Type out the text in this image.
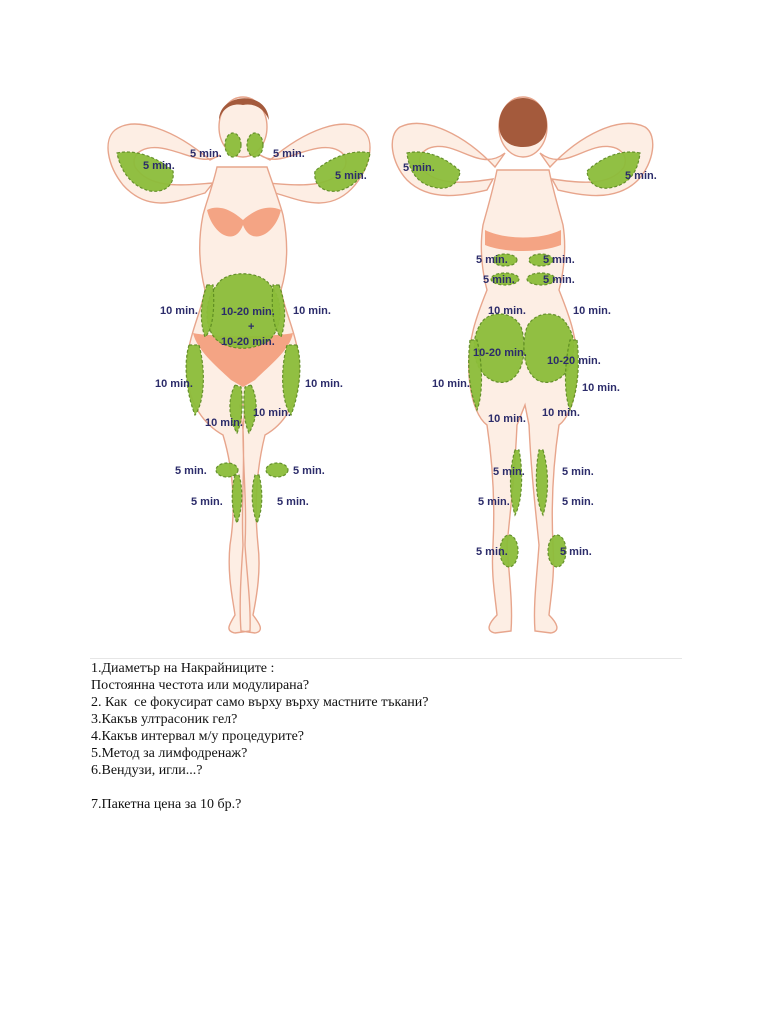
5 min.	5 min.
5 min.
5 min.
10 min.	10 min.
10-20 min.
+
10-20 min.
10 min.	10 min.
10 min.
10 min.
5 min.	5 min.
5 min.	5 min.
5 min.
5 min.
5 min.	5 min.
5 min.	5 min.
10 min.	10 min.
10-20 min.
10-20 min.
10 min.	10 min.
10 min. 10 min.
5 min.	5 min.
5 min.	5 min.
5 min.	5 min.

1.Диаметър на Накрайниците :

Постоянна честота или модулирана?

2. Как  се фокусират само върху върху мастните тъкани?

3.Какъв ултрасоник гел?

4.Какъв интервал м/у процедурите?

5.Метод за лимфодренаж?

6.Вендузи, игли...?

7.Пакетна цена за 10 бр.?
